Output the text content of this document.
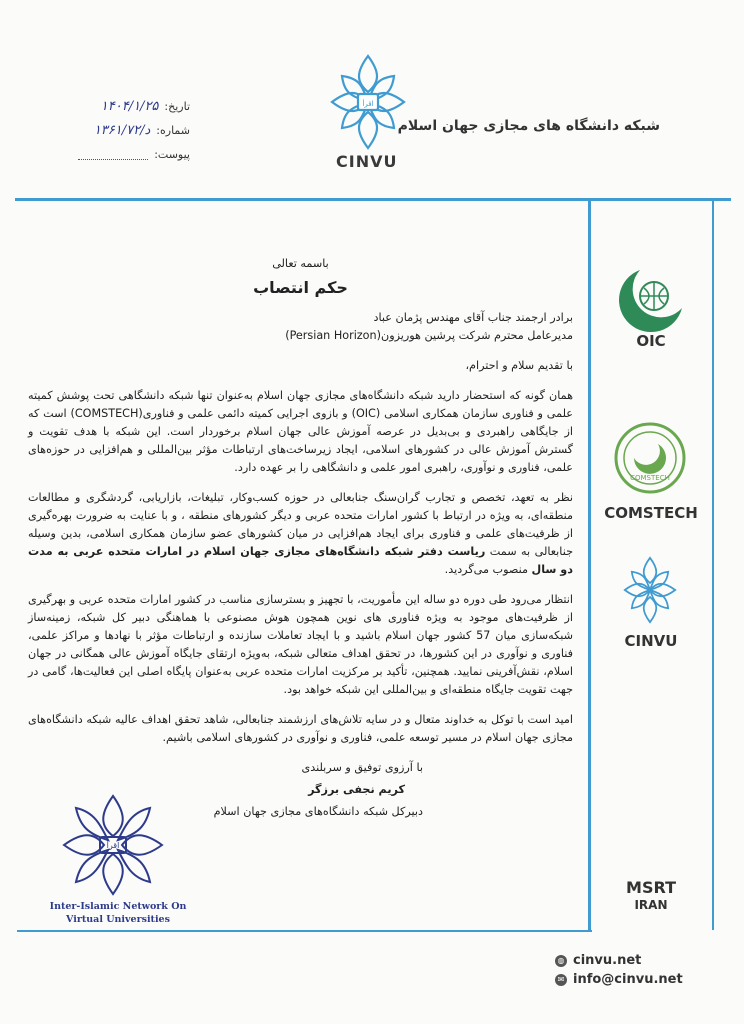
شبکه دانشگاه های مجازی جهان اسلام
اقرأ
CINVU
تاریخ:
۱۴۰۴/۱/۲۵
شماره:
۱۳۶۱/۷۲/د
پیوست:
OIC
COMSTECH
COMSTECH
CINVU
MSRT
IRAN

باسمه تعالی

حکم انتصاب

برادر ارجمند جناب آقای مهندس پژمان عباد

مدیرعامل محترم شرکت پرشین هوریزون(Persian Horizon)

با تقدیم سلام و احترام،

همان گونه که استحضار دارید شبکه دانشگاه‌های مجازی جهان اسلام به‌عنوان تنها شبکه دانشگاهی تحت پوشش کمیته علمی و فناوری سازمان همکاری اسلامی (OIC) و بازوی اجرایی کمیته دائمی علمی و فناوری(COMSTECH) است که از جایگاهی راهبردی و بی‌بدیل در عرصه آموزش عالی جهان اسلام برخوردار است. این شبکه با هدف تقویت و گسترش آموزش عالی در کشورهای اسلامی، ایجاد زیرساخت‌های ارتباطات مؤثر بین‌المللی و هم‌افزایی در حوزه‌های علمی، فناوری و نوآوری، راهبری امور علمی و دانشگاهی را بر عهده دارد.

نظر به تعهد، تخصص و تجارب گران‌سنگ جنابعالی در حوزه کسب‌وکار، تبلیغات، بازاریابی، گردشگری و مطالعات منطقه‌ای، به ویژه در ارتباط با کشور امارات متحده عربی و دیگر کشورهای منطقه ، و با عنایت به ضرورت بهره‌گیری از ظرفیت‌های علمی و فناوری برای ایجاد هم‌افزایی در میان کشورهای عضو سازمان همکاری اسلامی، بدین وسیله جنابعالی به سمت ریاست دفتر شبکه دانشگاه‌های مجازی جهان اسلام در امارات متحده عربی به مدت دو سال منصوب می‌گردید.

انتظار می‌رود طی دوره دو ساله این مأموریت، با تجهیز و بسترسازی مناسب در کشور امارات متحده عربی و بهرگیری از ظرفیت‌های موجود به ویژه فناوری های نوین همچون هوش مصنوعی با هماهنگی دبیر کل شبکه، زمینه‌ساز شبکه‌سازی میان 57 کشور جهان اسلام باشید و با ایجاد تعاملات سازنده و ارتباطات مؤثر با نهادها و مراکز علمی، فناوری و نوآوری در این کشورها، در تحقق اهداف متعالی شبکه، به‌ویژه ارتقای جایگاه آموزش عالی همگانی در جهان اسلام، نقش‌آفرینی نمایید. همچنین، تأکید بر مرکزیت امارات متحده عربی به‌عنوان پایگاه اصلی این فعالیت‌ها، گامی در جهت تقویت جایگاه منطقه‌ای و بین‌المللی این شبکه خواهد بود.

امید است با توکل به خداوند متعال و در سایه تلاش‌های ارزشمند جنابعالی، شاهد تحقق اهداف عالیه شبکه دانشگاه‌های مجازی جهان اسلام در مسیر توسعه علمی، فناوری و نوآوری در کشورهای اسلامی باشیم.

با آرزوی توفیق و سربلندی
کریم نجفی برزگر
دبیرکل شبکه دانشگاه‌های مجازی جهان اسلام
اقرأ
Inter-Islamic Network On
Virtual Universities
◍ cinvu.net
✉ info@cinvu.net
